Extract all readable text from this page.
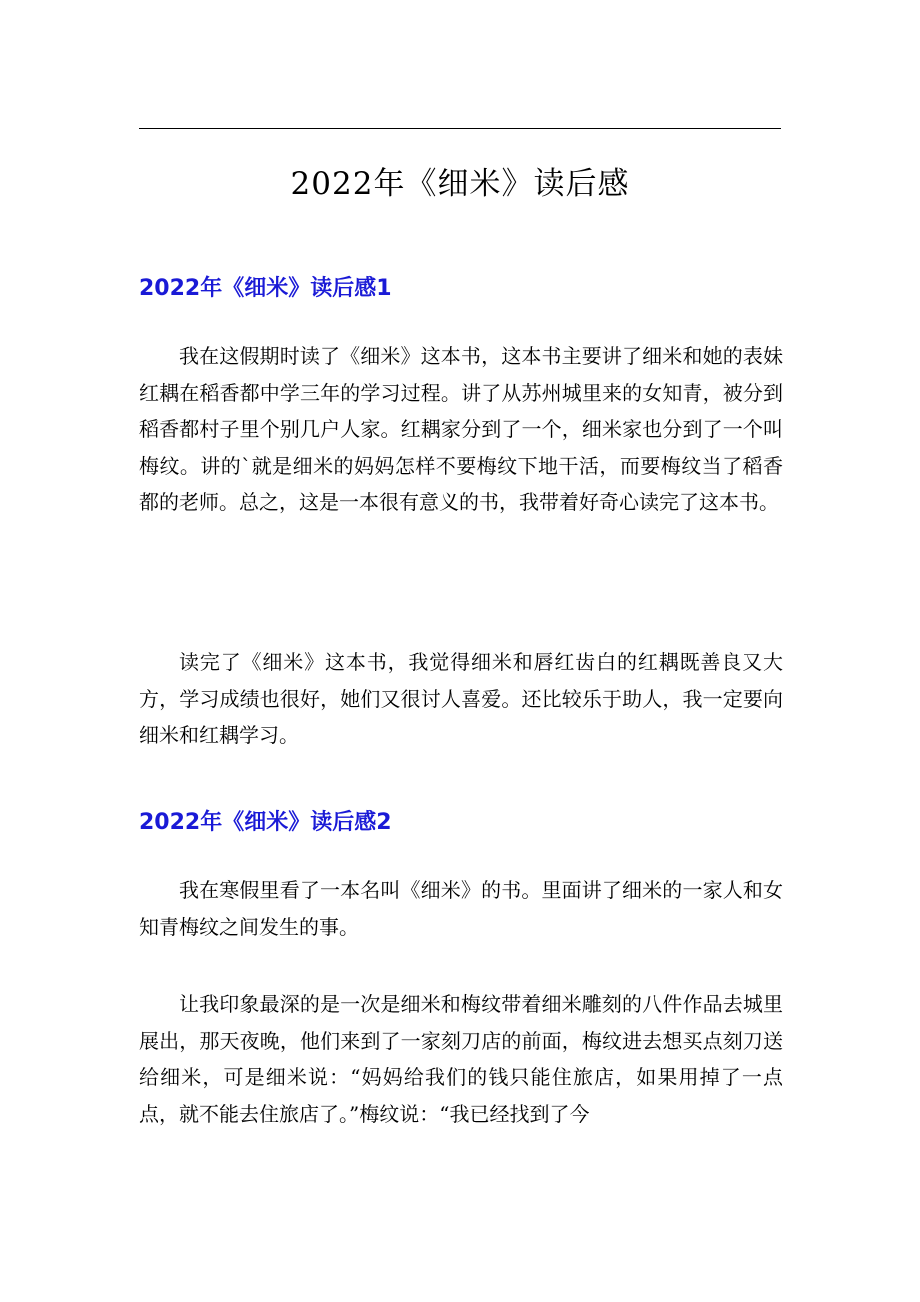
2022年《细米》读后感
2022年《细米》读后感1

我在这假期时读了《细米》这本书，这本书主要讲了细米和她的表妹红耦在稻香都中学三年的学习过程。讲了从苏州城里来的女知青，被分到稻香都村子里个别几户人家。红耦家分到了一个，细米家也分到了一个叫梅纹。讲的`就是细米的妈妈怎样不要梅纹下地干活，而要梅纹当了稻香都的老师。总之，这是一本很有意义的书，我带着好奇心读完了这本书。

读完了《细米》这本书，我觉得细米和唇红齿白的红耦既善良又大方，学习成绩也很好，她们又很讨人喜爱。还比较乐于助人，我一定要向细米和红耦学习。

2022年《细米》读后感2

我在寒假里看了一本名叫《细米》的书。里面讲了细米的一家人和女知青梅纹之间发生的事。

让我印象最深的是一次是细米和梅纹带着细米雕刻的八件作品去城里展出，那天夜晚，他们来到了一家刻刀店的前面，梅纹进去想买点刻刀送给细米，可是细米说：“妈妈给我们的钱只能住旅店，如果用掉了一点点，就不能去住旅店了。”梅纹说：“我已经找到了今
